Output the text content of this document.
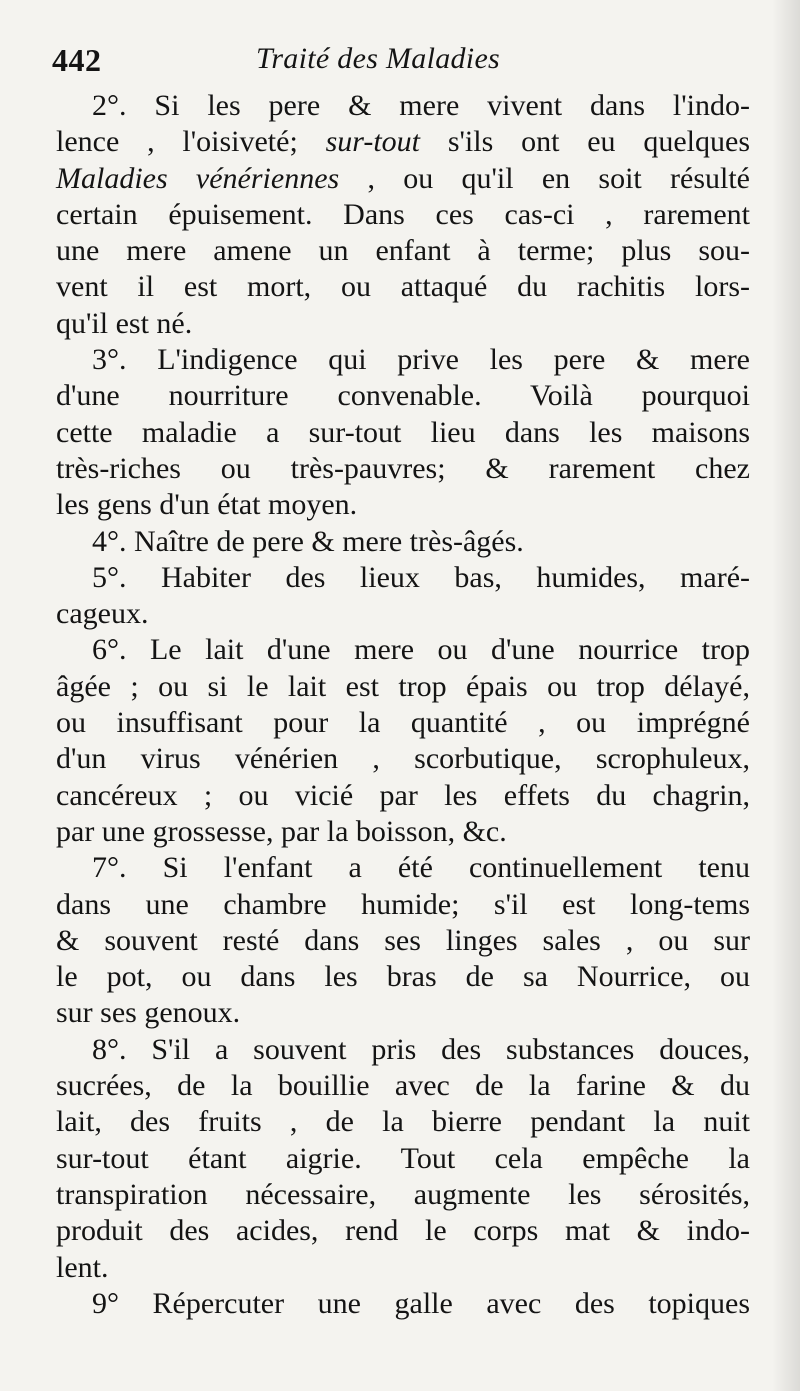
442	Traité des Maladies
2°. Si les pere & mere vivent dans l'indo-
lence , l'oisiveté; sur-tout s'ils ont eu quelques
Maladies vénériennes , ou qu'il en soit résulté
certain épuisement. Dans ces cas-ci , rarement
une mere amene un enfant à terme; plus sou-
vent il est mort, ou attaqué du rachitis lors-
qu'il est né.
3°. L'indigence qui prive les pere & mere
d'une nourriture convenable. Voilà pourquoi
cette maladie a sur-tout lieu dans les maisons
très-riches ou très-pauvres; & rarement chez
les gens d'un état moyen.
4°. Naître de pere & mere très-âgés.
5°. Habiter des lieux bas, humides, maré-
cageux.
6°. Le lait d'une mere ou d'une nourrice trop
âgée ; ou si le lait est trop épais ou trop délayé,
ou insuffisant pour la quantité , ou imprégné
d'un virus vénérien , scorbutique, scrophuleux,
cancéreux ; ou vicié par les effets du chagrin,
par une grossesse, par la boisson, &c.
7°. Si l'enfant a été continuellement tenu
dans une chambre humide; s'il est long-tems
& souvent resté dans ses linges sales , ou sur
le pot, ou dans les bras de sa Nourrice, ou
sur ses genoux.
8°. S'il a souvent pris des substances douces,
sucrées, de la bouillie avec de la farine & du
lait, des fruits , de la bierre pendant la nuit
sur-tout étant aigrie. Tout cela empêche la
transpiration nécessaire, augmente les sérosités,
produit des acides, rend le corps mat & indo-
lent.
9° Répercuter une galle avec des topiques
